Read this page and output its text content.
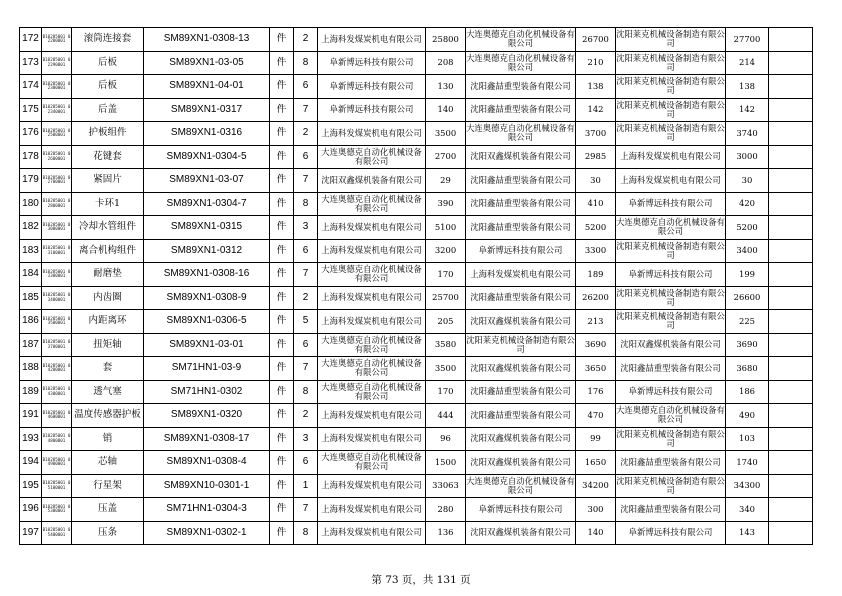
172	B10285001 02280001	滚筒连接套	SM89XN1-0308-13	件	2	上海科发煤炭机电有限公司	25800	大连奥德克自动化机械设备有限公司	26700	沈阳莱克机械设备制造有限公司	27700	
173	B10285001 02290001	后板	SM89XN1-03-05	件	8	阜新博远科技有限公司	208	大连奥德克自动化机械设备有限公司	210	沈阳莱克机械设备制造有限公司	214	
174	B10285001 02300001	后板	SM89XN1-04-01	件	6	阜新博远科技有限公司	130	沈阳鑫喆重型装备有限公司	138	沈阳莱克机械设备制造有限公司	138	
175	B10285001 02340001	后盖	SM89XN1-0317	件	7	阜新博远科技有限公司	140	沈阳鑫喆重型装备有限公司	142	沈阳莱克机械设备制造有限公司	142	
176	B10285001 02500001	护板组件	SM89XN1-0316	件	2	上海科发煤炭机电有限公司	3500	大连奥德克自动化机械设备有限公司	3700	沈阳莱克机械设备制造有限公司	3740	
178	B10285001 02600001	花键套	SM89XN1-0304-5	件	6	大连奥德克自动化机械设备有限公司	2700	沈阳双鑫煤机装备有限公司	2985	上海科发煤炭机电有限公司	3000	
179	B10285001 02700001	紧固片	SM89XN1-03-07	件	7	沈阳双鑫煤机装备有限公司	29	沈阳鑫喆重型装备有限公司	30	上海科发煤炭机电有限公司	30	
180	B10285001 02800001	卡环1	SM89XN1-0304-7	件	8	大连奥德克自动化机械设备有限公司	390	沈阳鑫喆重型装备有限公司	410	阜新博远科技有限公司	420	
182	B10285001 03000001	冷却水管组件	SM89XN1-0315	件	3	上海科发煤炭机电有限公司	5100	沈阳鑫喆重型装备有限公司	5200	大连奥德克自动化机械设备有限公司	5200	
183	B10285001 03100001	离合机构组件	SM89XN1-0312	件	6	上海科发煤炭机电有限公司	3200	阜新博远科技有限公司	3300	沈阳莱克机械设备制造有限公司	3400	
184	B10285001 03300001	耐磨垫	SM89XN1-0308-16	件	7	大连奥德克自动化机械设备有限公司	170	上海科发煤炭机电有限公司	189	阜新博远科技有限公司	199	
185	B10285001 03400001	内齿圈	SM89XN1-0308-9	件	2	上海科发煤炭机电有限公司	25700	沈阳鑫喆重型装备有限公司	26200	沈阳莱克机械设备制造有限公司	26600	
186	B10285001 03500001	内距离环	SM89XN1-0306-5	件	5	上海科发煤炭机电有限公司	205	沈阳双鑫煤机装备有限公司	213	沈阳莱克机械设备制造有限公司	225	
187	B10285001 03700001	扭矩轴	SM89XN1-03-01	件	6	大连奥德克自动化机械设备有限公司	3580	沈阳莱克机械设备制造有限公司	3690	沈阳双鑫煤机装备有限公司	3690	
188	B10285001 04200001	套	SM71HN1-03-9	件	7	大连奥德克自动化机械设备有限公司	3500	沈阳双鑫煤机装备有限公司	3650	沈阳鑫喆重型装备有限公司	3680	
189	B10285001 04300001	透气塞	SM71HN1-0302	件	8	大连奥德克自动化机械设备有限公司	170	沈阳鑫喆重型装备有限公司	176	阜新博远科技有限公司	186	
191	B10285001 04600001	温度传感器护板	SM89XN1-0320	件	2	上海科发煤炭机电有限公司	444	沈阳鑫喆重型装备有限公司	470	大连奥德克自动化机械设备有限公司	490	
193	B10285001 04800001	销	SM89XN1-0308-17	件	3	上海科发煤炭机电有限公司	96	沈阳双鑫煤机装备有限公司	99	沈阳莱克机械设备制造有限公司	103	
194	B10285001 04900001	芯轴	SM89XN1-0308-4	件	6	大连奥德克自动化机械设备有限公司	1500	沈阳双鑫煤机装备有限公司	1650	沈阳鑫喆重型装备有限公司	1740	
195	B10285001 05100001	行星架	SM89XN10-0301-1	件	1	上海科发煤炭机电有限公司	33063	大连奥德克自动化机械设备有限公司	34200	沈阳莱克机械设备制造有限公司	34300	
196	B10285001 05300001	压盖	SM71HN1-0304-3	件	7	上海科发煤炭机电有限公司	280	阜新博远科技有限公司	300	沈阳鑫喆重型装备有限公司	340	
197	B10285001 05400001	压条	SM89XN1-0302-1	件	8	上海科发煤炭机电有限公司	136	沈阳双鑫煤机装备有限公司	140	阜新博远科技有限公司	143	
第 73 页，共 131 页
